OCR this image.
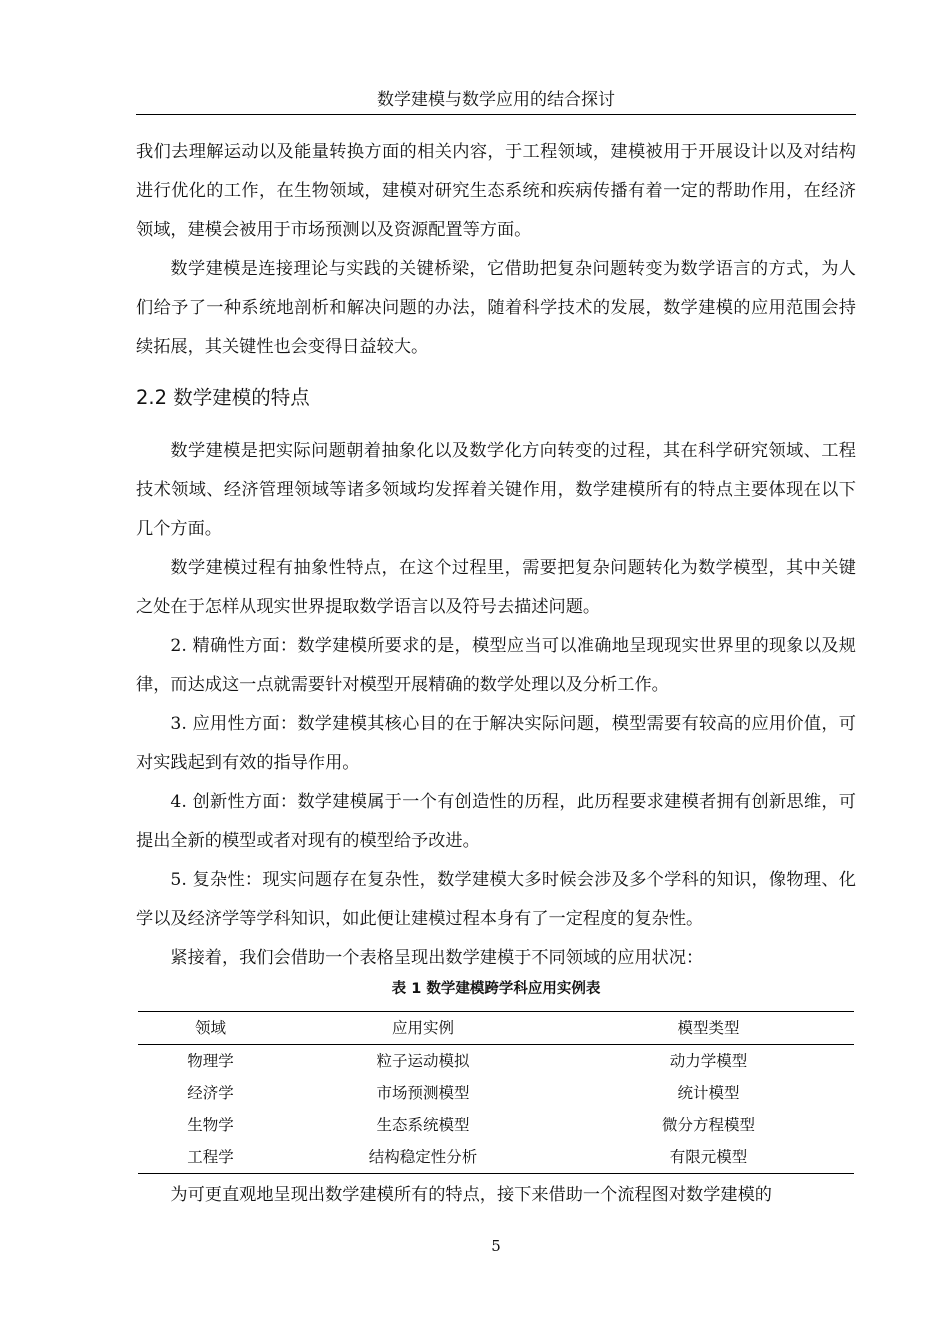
数学建模与数学应用的结合探讨

我们去理解运动以及能量转换方面的相关内容，于工程领域，建模被用于开展设计以及对结构进行优化的工作，在生物领域，建模对研究生态系统和疾病传播有着一定的帮助作用，在经济领域，建模会被用于市场预测以及资源配置等方面。

数学建模是连接理论与实践的关键桥梁，它借助把复杂问题转变为数学语言的方式，为人们给予了一种系统地剖析和解决问题的办法，随着科学技术的发展，数学建模的应用范围会持续拓展，其关键性也会变得日益较大。

2.2 数学建模的特点

数学建模是把实际问题朝着抽象化以及数学化方向转变的过程，其在科学研究领域、工程技术领域、经济管理领域等诸多领域均发挥着关键作用，数学建模所有的特点主要体现在以下几个方面。

数学建模过程有抽象性特点，在这个过程里，需要把复杂问题转化为数学模型，其中关键之处在于怎样从现实世界提取数学语言以及符号去描述问题。

2. 精确性方面：数学建模所要求的是，模型应当可以准确地呈现现实世界里的现象以及规律，而达成这一点就需要针对模型开展精确的数学处理以及分析工作。

3. 应用性方面：数学建模其核心目的在于解决实际问题，模型需要有较高的应用价值，可对实践起到有效的指导作用。

4. 创新性方面：数学建模属于一个有创造性的历程，此历程要求建模者拥有创新思维，可提出全新的模型或者对现有的模型给予改进。

5. 复杂性：现实问题存在复杂性，数学建模大多时候会涉及多个学科的知识，像物理、化学以及经济学等学科知识，如此便让建模过程本身有了一定程度的复杂性。

紧接着，我们会借助一个表格呈现出数学建模于不同领域的应用状况：

表 1 数学建模跨学科应用实例表
领域	应用实例	模型类型
物理学	粒子运动模拟	动力学模型
经济学	市场预测模型	统计模型
生物学	生态系统模型	微分方程模型
工程学	结构稳定性分析	有限元模型

为可更直观地呈现出数学建模所有的特点，接下来借助一个流程图对数学建模的

5
